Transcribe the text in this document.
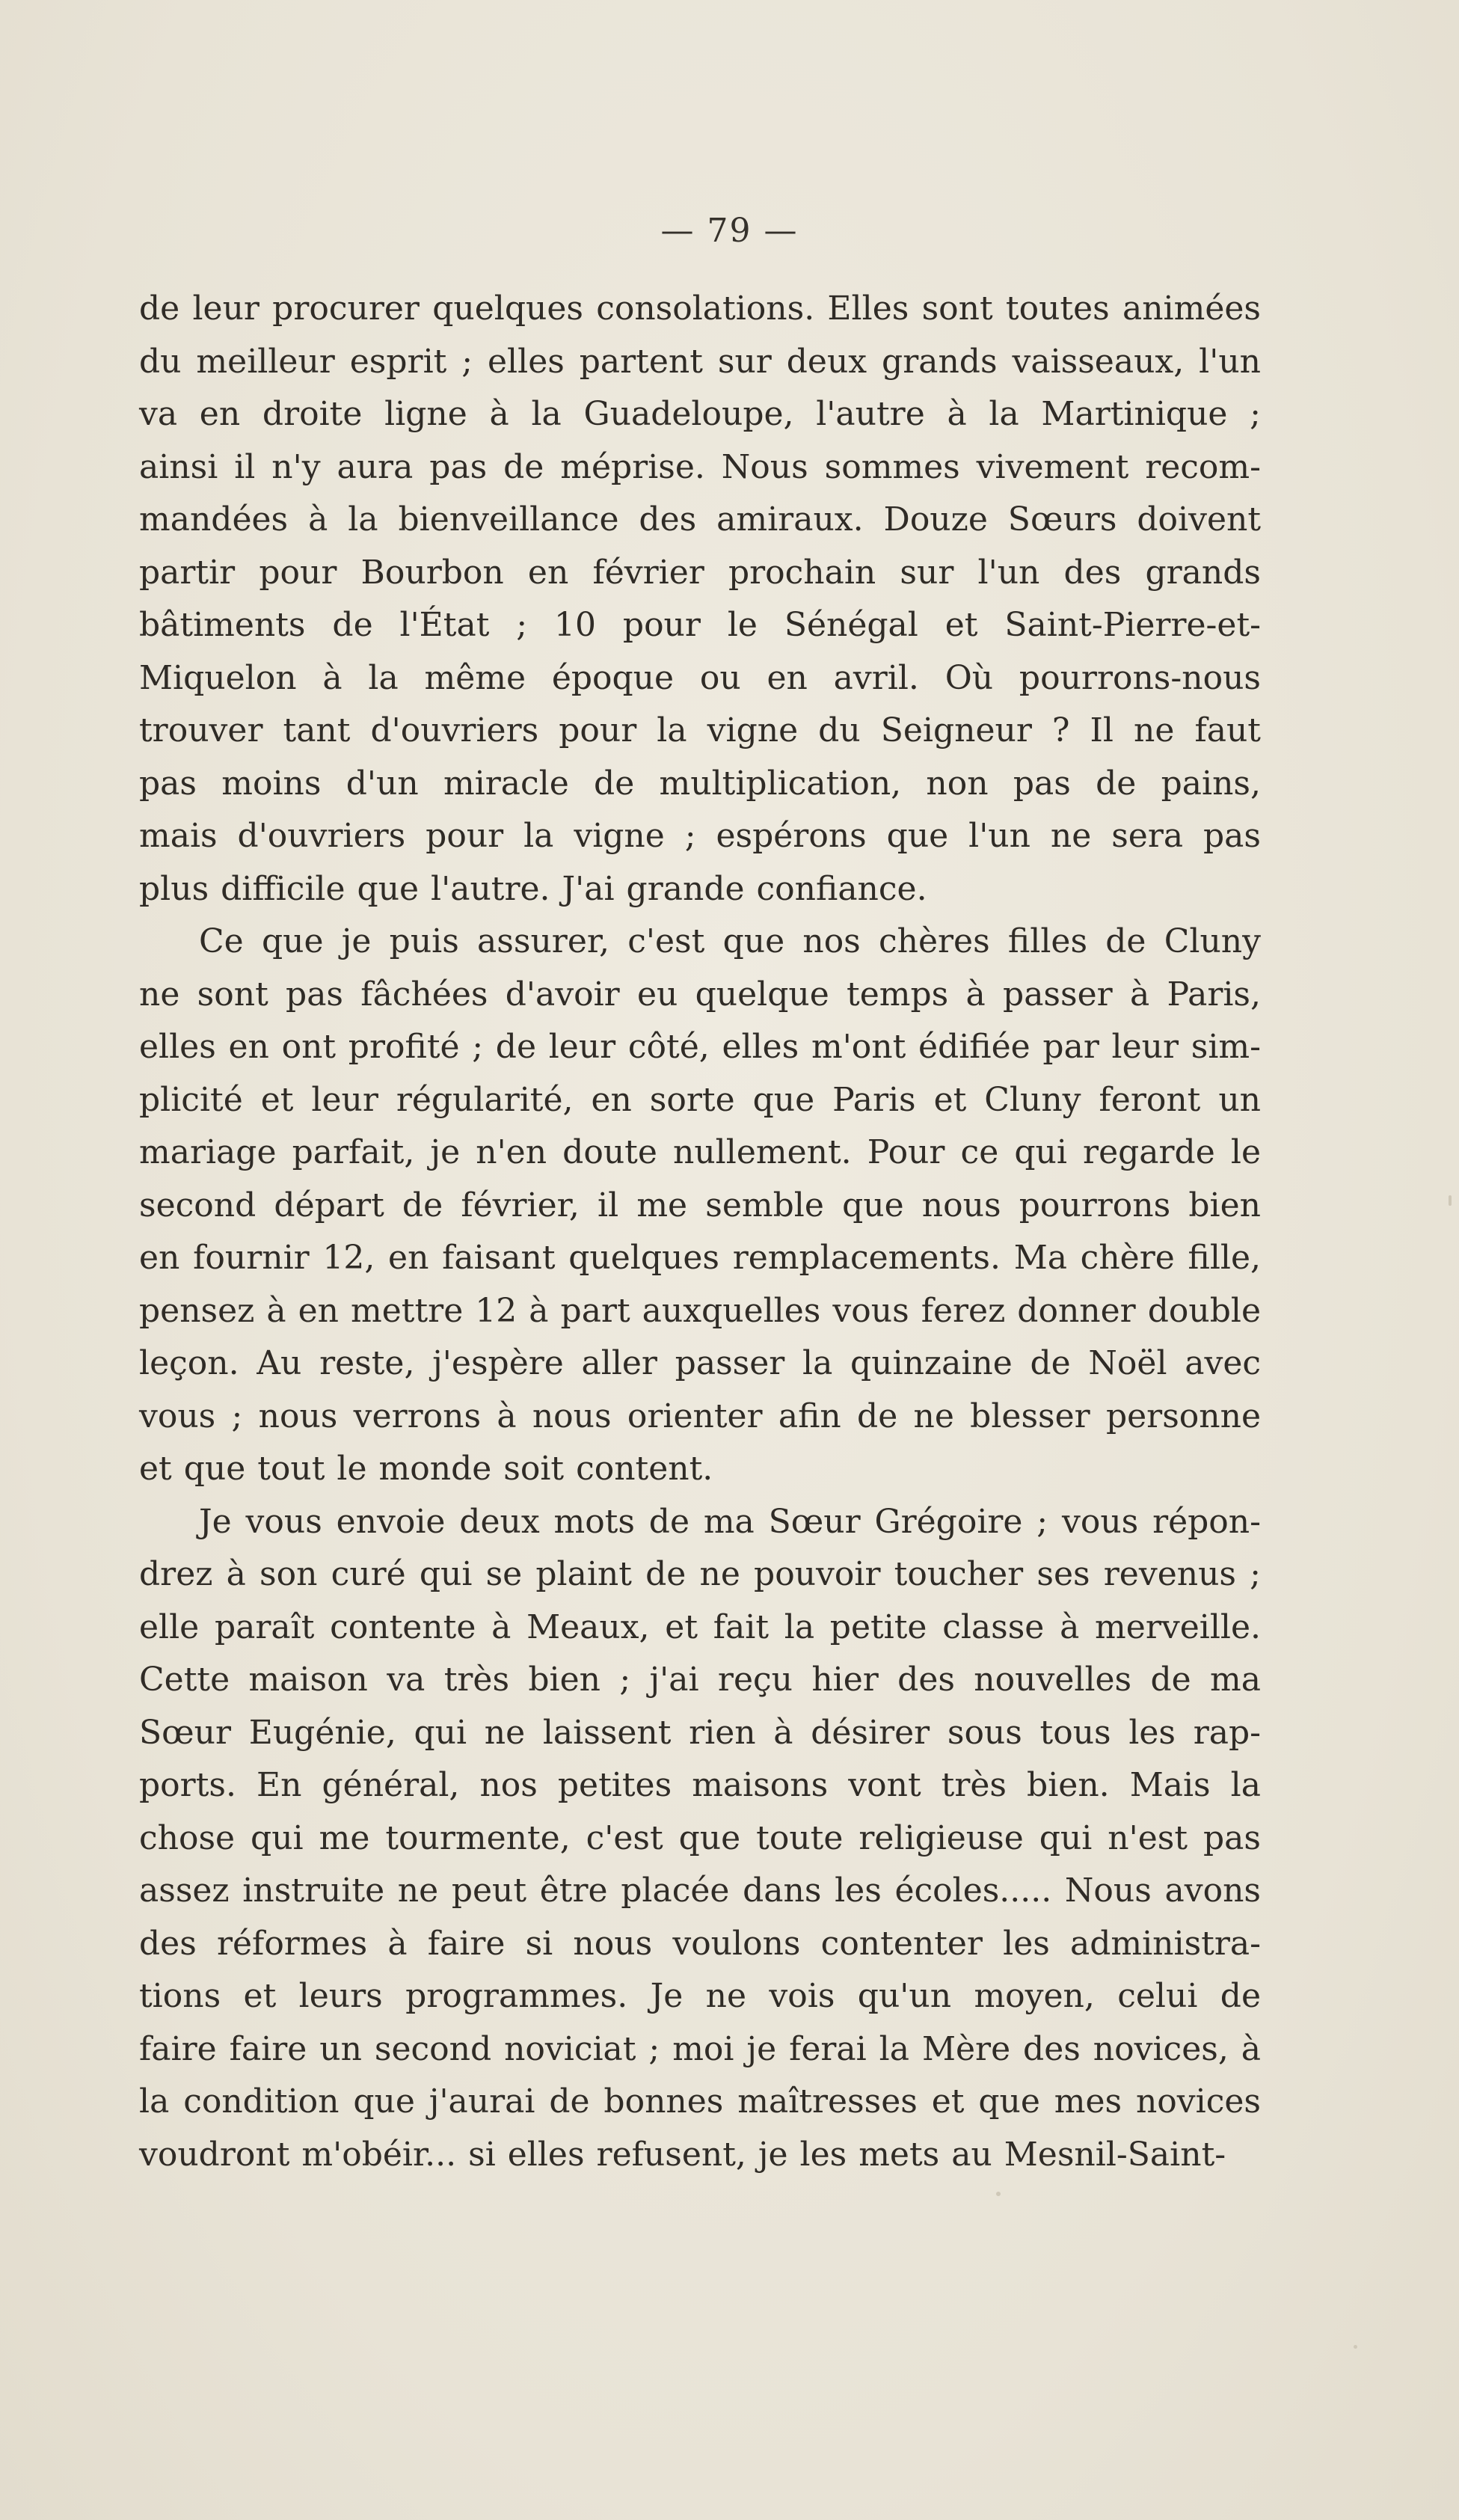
— 79 —
de leur procurer quelques consolations. Elles sont toutes animées
du meilleur esprit ; elles partent sur deux grands vaisseaux, l'un
va en droite ligne à la Guadeloupe, l'autre à la Martinique ;
ainsi il n'y aura pas de méprise. Nous sommes vivement recom-
mandées à la bienveillance des amiraux. Douze Sœurs doivent
partir pour Bourbon en février prochain sur l'un des grands
bâtiments de l'État ; 10 pour le Sénégal et Saint-Pierre-et-
Miquelon à la même époque ou en avril. Où pourrons-nous
trouver tant d'ouvriers pour la vigne du Seigneur ? Il ne faut
pas moins d'un miracle de multiplication, non pas de pains,
mais d'ouvriers pour la vigne ; espérons que l'un ne sera pas
plus difficile que l'autre. J'ai grande confiance.
Ce que je puis assurer, c'est que nos chères filles de Cluny
ne sont pas fâchées d'avoir eu quelque temps à passer à Paris,
elles en ont profité ; de leur côté, elles m'ont édifiée par leur sim-
plicité et leur régularité, en sorte que Paris et Cluny feront un
mariage parfait, je n'en doute nullement. Pour ce qui regarde le
second départ de février, il me semble que nous pourrons bien
en fournir 12, en faisant quelques remplacements. Ma chère fille,
pensez à en mettre 12 à part auxquelles vous ferez donner double
leçon. Au reste, j'espère aller passer la quinzaine de Noël avec
vous ; nous verrons à nous orienter afin de ne blesser personne
et que tout le monde soit content.
Je vous envoie deux mots de ma Sœur Grégoire ; vous répon-
drez à son curé qui se plaint de ne pouvoir toucher ses revenus ;
elle paraît contente à Meaux, et fait la petite classe à merveille.
Cette maison va très bien ; j'ai reçu hier des nouvelles de ma
Sœur Eugénie, qui ne laissent rien à désirer sous tous les rap-
ports. En général, nos petites maisons vont très bien. Mais la
chose qui me tourmente, c'est que toute religieuse qui n'est pas
assez instruite ne peut être placée dans les écoles..... Nous avons
des réformes à faire si nous voulons contenter les administra-
tions et leurs programmes. Je ne vois qu'un moyen, celui de
faire faire un second noviciat ; moi je ferai la Mère des novices, à
la condition que j'aurai de bonnes maîtresses et que mes novices
voudront m'obéir... si elles refusent, je les mets au Mesnil-Saint-
